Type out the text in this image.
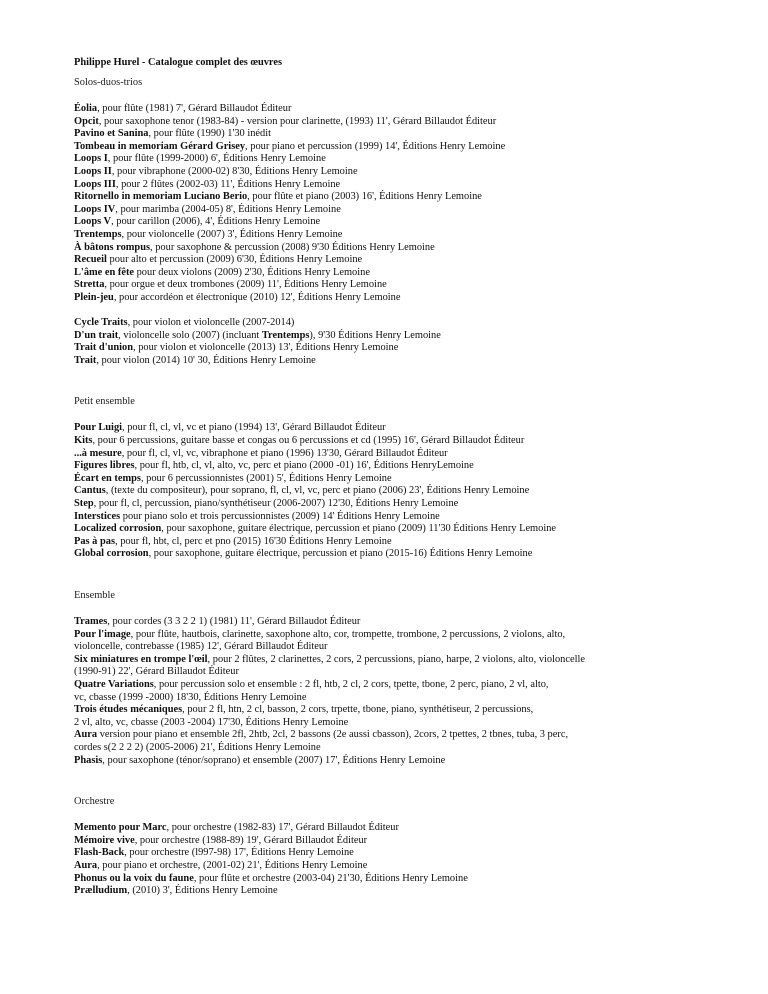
Philippe Hurel - Catalogue complet des œuvres
Solos-duos-trios
Éolia, pour flûte (1981) 7', Gérard Billaudot Éditeur
Opcit, pour saxophone tenor (1983-84) - version pour clarinette, (1993) 11', Gérard Billaudot Éditeur
Pavino et Sanina, pour flûte (1990) 1'30 inédit
Tombeau in memoriam Gérard Grisey, pour piano et percussion (1999) 14', Éditions Henry Lemoine
Loops I, pour flûte (1999-2000) 6', Éditions Henry Lemoine
Loops II, pour vibraphone (2000-02) 8'30, Éditions Henry Lemoine
Loops III, pour 2 flûtes (2002-03) 11', Éditions Henry Lemoine
Ritornello in memoriam Luciano Berio, pour flûte et piano (2003) 16', Éditions Henry Lemoine
Loops IV, pour marimba (2004-05) 8', Éditions Henry Lemoine
Loops V, pour carillon (2006), 4', Éditions Henry Lemoine
Trentemps, pour violoncelle (2007) 3', Éditions Henry Lemoine
À bâtons rompus, pour saxophone & percussion (2008) 9'30 Éditions Henry Lemoine
Recueil pour alto et percussion (2009) 6'30, Éditions Henry Lemoine
L'âme en fête pour deux violons (2009) 2'30, Éditions Henry Lemoine
Stretta, pour orgue et deux trombones (2009) 11', Éditions Henry Lemoine
Plein-jeu, pour accordéon et électronique (2010) 12', Éditions Henry Lemoine
Cycle Traits, pour violon et violoncelle (2007-2014)
D'un trait, violoncelle solo (2007) (incluant Trentemps), 9'30 Éditions Henry Lemoine
Trait d'union, pour violon et violoncelle (2013) 13', Éditions Henry Lemoine
Trait, pour violon (2014) 10' 30, Éditions Henry Lemoine
Petit ensemble
Pour Luigi, pour fl, cl, vl, vc et piano (1994) 13', Gérard Billaudot Éditeur
Kits, pour 6 percussions, guitare basse et congas ou 6 percussions et cd (1995) 16', Gérard Billaudot Éditeur
...à mesure, pour fl, cl, vl, vc, vibraphone et piano (1996) 13'30, Gérard Billaudot Éditeur
Figures libres, pour fl, htb, cl, vl, alto, vc, perc et piano (2000 -01) 16', Éditions HenryLemoine
Écart en temps, pour 6 percussionnistes (2001) 5', Éditions Henry Lemoine
Cantus, (texte du compositeur), pour soprano, fl, cl, vl, vc, perc et piano (2006) 23', Éditions Henry Lemoine
Step, pour fl, cl, percussion, piano/synthétiseur (2006-2007) 12'30, Éditions Henry Lemoine
Interstices pour piano solo et trois percussionnistes (2009) 14' Éditions Henry Lemoine
Localized corrosion, pour saxophone, guitare électrique, percussion et piano (2009) 11'30 Éditions Henry Lemoine
Pas à pas, pour fl, hbt, cl, perc et pno (2015) 16'30 Éditions Henry Lemoine
Global corrosion, pour saxophone, guitare électrique, percussion et piano (2015-16) Éditions Henry Lemoine
Ensemble
Trames, pour cordes (3 3 2 2 1) (1981) 11', Gérard Billaudot Éditeur
Pour l'image, pour flûte, hautbois, clarinette, saxophone alto, cor, trompette, trombone, 2 percussions, 2 violons, alto,
violoncelle, contrebasse (1985) 12', Gérard Billaudot Éditeur
Six miniatures en trompe l'œil, pour 2 flûtes, 2 clarinettes, 2 cors, 2 percussions, piano, harpe, 2 violons, alto, violoncelle
(1990-91) 22', Gérard Billaudot Éditeur
Quatre Variations, pour percussion solo et ensemble : 2 fl, htb, 2 cl, 2 cors, tpette, tbone, 2 perc, piano, 2 vl, alto,
vc, cbasse (1999 -2000) 18'30, Éditions Henry Lemoine
Trois études mécaniques, pour 2 fl, htn, 2 cl, basson, 2 cors, trpette, tbone, piano, synthétiseur, 2 percussions,
2 vl, alto, vc, cbasse (2003 -2004) 17'30, Éditions Henry Lemoine
Aura version pour piano et ensemble 2fl, 2htb, 2cl, 2 bassons (2e aussi cbasson), 2cors, 2 tpettes, 2 tbnes, tuba, 3 perc,
cordes s(2 2 2 2) (2005-2006) 21', Éditions Henry Lemoine
Phasis, pour saxophone (ténor/soprano) et ensemble (2007) 17', Éditions Henry Lemoine
Orchestre
Memento pour Marc, pour orchestre (1982-83) 17', Gérard Billaudot Éditeur
Mémoire vive, pour orchestre (1988-89) 19', Gérard Billaudot Éditeur
Flash-Back, pour orchestre (l997-98) 17', Éditions Henry Lemoine
Aura, pour piano et orchestre, (2001-02) 21', Éditions Henry Lemoine
Phonus ou la voix du faune, pour flûte et orchestre (2003-04) 21'30, Éditions Henry Lemoine
Prælludium, (2010) 3', Éditions Henry Lemoine
